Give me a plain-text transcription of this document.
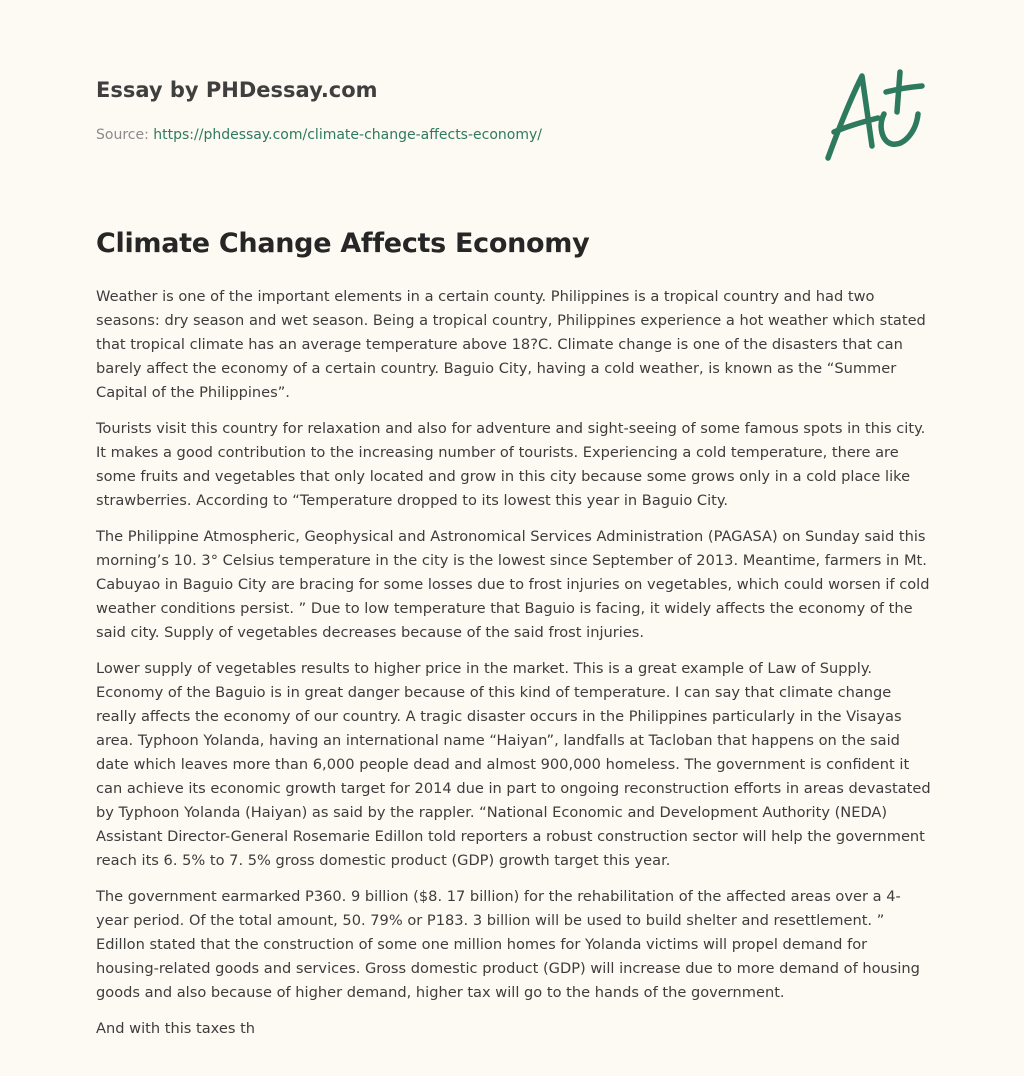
Essay by PHDessay.com
Source: https://phdessay.com/climate-change-affects-economy/
Climate Change Affects Economy

Weather is one of the important elements in a certain county. Philippines is a tropical country and had two seasons: dry season and wet season. Being a tropical country, Philippines experience a hot weather which stated that tropical climate has an average temperature above 18?C. Climate change is one of the disasters that can barely affect the economy of a certain country. Baguio City, having a cold weather, is known as the “Summer Capital of the Philippines”.

Tourists visit this country for relaxation and also for adventure and sight-seeing of some famous spots in this city. It makes a good contribution to the increasing number of tourists. Experiencing a cold temperature, there are some fruits and vegetables that only located and grow in this city because some grows only in a cold place like strawberries. According to “Temperature dropped to its lowest this year in Baguio City.

The Philippine Atmospheric, Geophysical and Astronomical Services Administration (PAGASA) on Sunday said this morning’s 10. 3° Celsius temperature in the city is the lowest since September of 2013. Meantime, farmers in Mt. Cabuyao in Baguio City are bracing for some losses due to frost injuries on vegetables, which could worsen if cold weather conditions persist. ” Due to low temperature that Baguio is facing, it widely affects the economy of the said city. Supply of vegetables decreases because of the said frost injuries.

Lower supply of vegetables results to higher price in the market. This is a great example of Law of Supply. Economy of the Baguio is in great danger because of this kind of temperature. I can say that climate change really affects the economy of our country. A tragic disaster occurs in the Philippines particularly in the Visayas area. Typhoon Yolanda, having an international name “Haiyan”, landfalls at Tacloban that happens on the said date which leaves more than 6,000 people dead and almost 900,000 homeless. The government is confident it can achieve its economic growth target for 2014 due in part to ongoing reconstruction efforts in areas devastated by Typhoon Yolanda (Haiyan) as said by the rappler. “National Economic and Development Authority (NEDA) Assistant Director-General Rosemarie Edillon told reporters a robust construction sector will help the government reach its 6. 5% to 7. 5% gross domestic product (GDP) growth target this year.

The government earmarked P360. 9 billion ($8. 17 billion) for the rehabilitation of the affected areas over a 4-year period. Of the total amount, 50. 79% or P183. 3 billion will be used to build shelter and resettlement. ” Edillon stated that the construction of some one million homes for Yolanda victims will propel demand for housing-related goods and services. Gross domestic product (GDP) will increase due to more demand of housing goods and also because of higher demand, higher tax will go to the hands of the government.

And with this taxes th
